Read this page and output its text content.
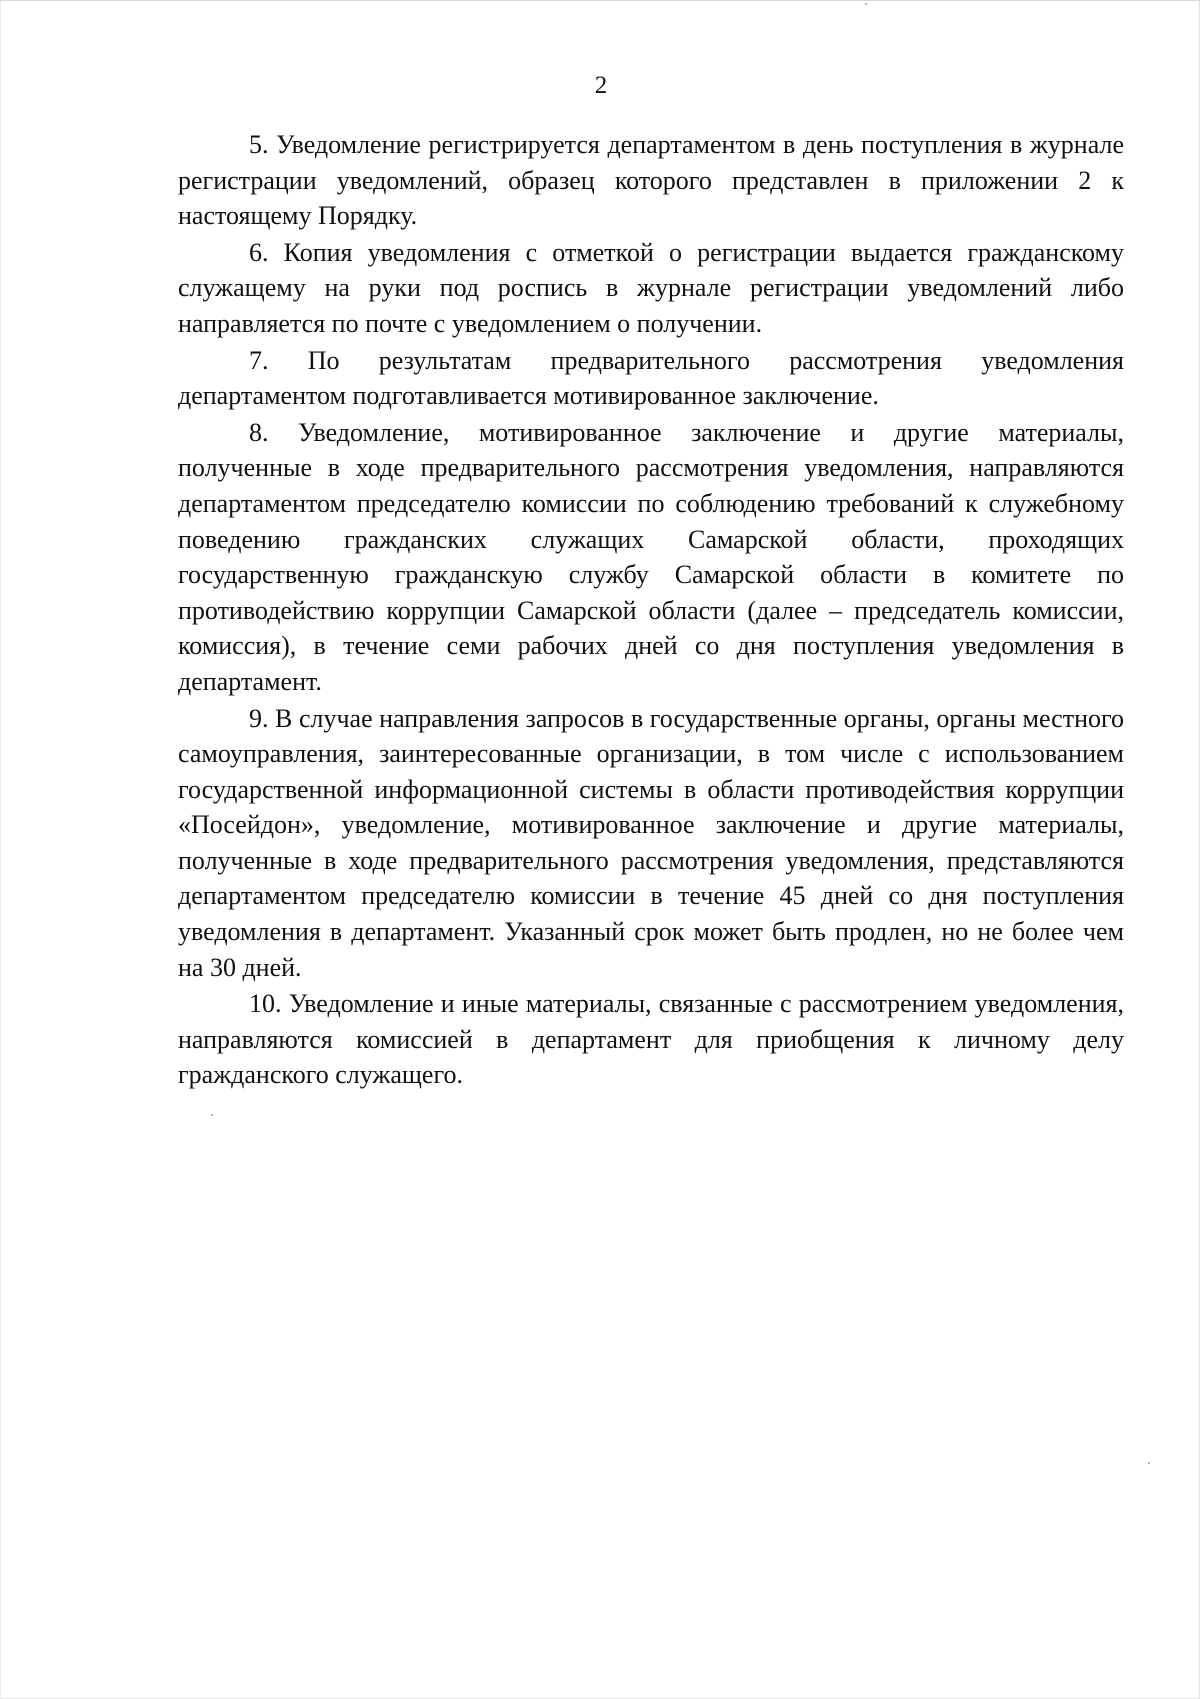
2

5. Уведомление регистрируется департаментом в день поступления в журнале регистрации уведомлений, образец которого представлен в приложении 2 к настоящему Порядку.

6. Копия уведомления с отметкой о регистрации выдается гражданскому служащему на руки под роспись в журнале регистрации уведомлений либо направляется по почте с уведомлением о получении.

7. По результатам предварительного рассмотрения уведомления департаментом подготавливается мотивированное заключение.

8. Уведомление, мотивированное заключение и другие материалы, полученные в ходе предварительного рассмотрения уведомления, направляются департаментом председателю комиссии по соблюдению требований к служебному поведению гражданских служащих Самарской области, проходящих государственную гражданскую службу Самарской области в комитете по противодействию коррупции Самарской области (далее – председатель комиссии, комиссия), в течение семи рабочих дней со дня поступления уведомления в департамент.

9. В случае направления запросов в государственные органы, органы местного самоуправления, заинтересованные организации, в том числе с использованием государственной информационной системы в области противодействия коррупции «Посейдон», уведомление, мотивированное заключение и другие материалы, полученные в ходе предварительного рассмотрения уведомления, представляются департаментом председателю комиссии в течение 45 дней со дня поступления уведомления в департамент. Указанный срок может быть продлен, но не более чем на 30 дней.

10. Уведомление и иные материалы, связанные с рассмотрением уведомления, направляются комиссией в департамент для приобщения к личному делу гражданского служащего.
